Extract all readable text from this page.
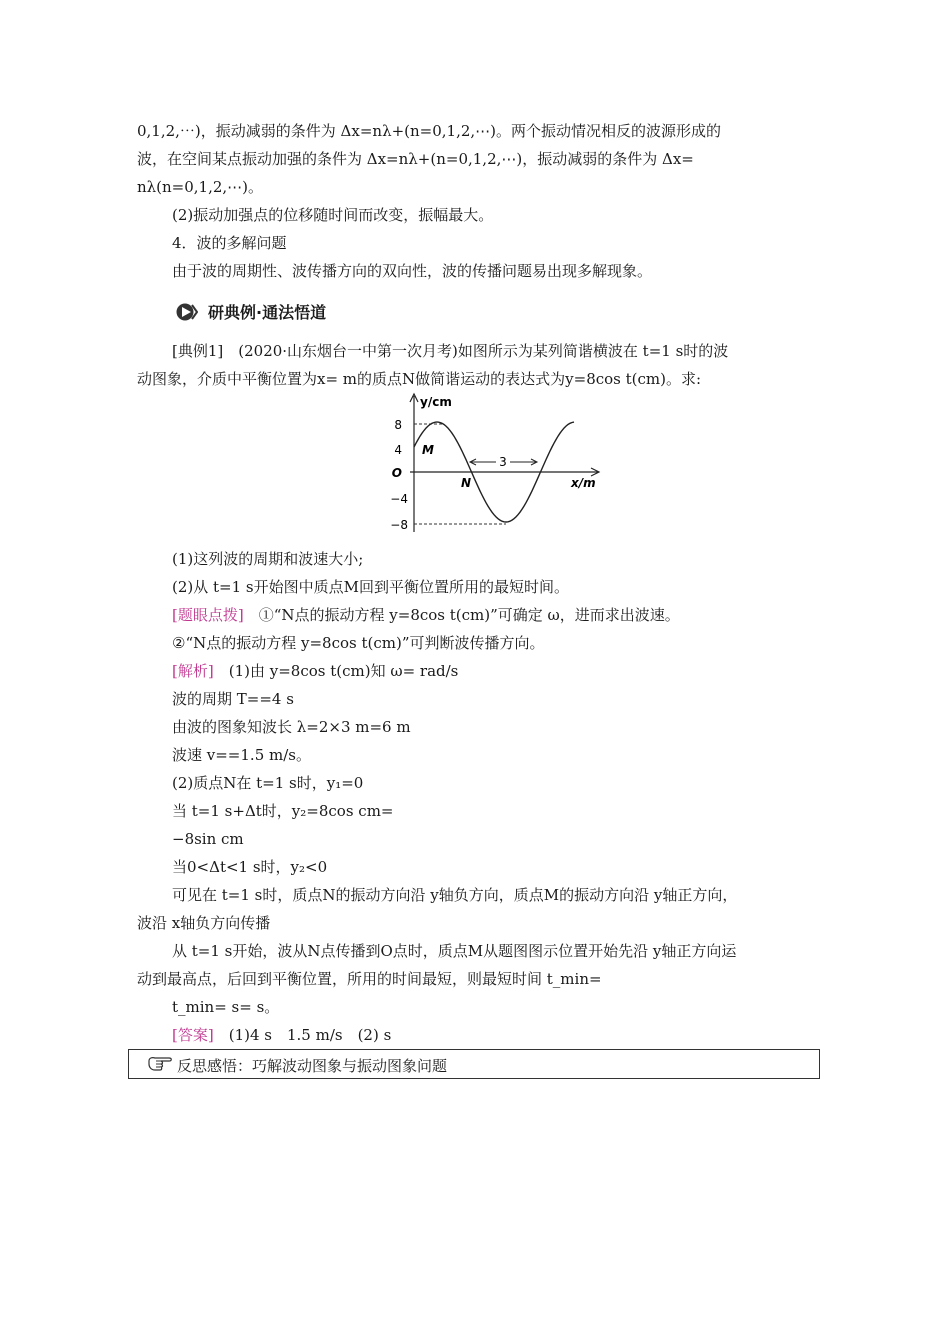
0,1,2,⋯)，振动减弱的条件为 Δx=nλ+(n=0,1,2,⋯)。两个振动情况相反的波源形成的
波，在空间某点振动加强的条件为 Δx=nλ+(n=0,1,2,⋯)，振动减弱的条件为 Δx=
nλ(n=0,1,2,⋯)。
(2)振动加强点的位移随时间而改变，振幅最大。
4．波的多解问题
由于波的周期性、波传播方向的双向性，波的传播问题易出现多解现象。
研典例·通法悟道
[典例1]　(2020·山东烟台一中第一次月考)如图所示为某列简谐横波在 t=1 s时的波
动图象，介质中平衡位置为x= m的质点N做简谐运动的表达式为y=8cos t(cm)。求:
8
4
O
−4
−8
y/cm
x/m
M
N
3
(1)这列波的周期和波速大小;
(2)从 t=1 s开始图中质点M回到平衡位置所用的最短时间。
[题眼点拨]　①“N点的振动方程 y=8cos t(cm)”可确定 ω，进而求出波速。
②“N点的振动方程 y=8cos t(cm)”可判断波传播方向。
[解析]　(1)由 y=8cos t(cm)知 ω= rad/s
波的周期 T==4 s
由波的图象知波长 λ=2×3 m=6 m
波速 v==1.5 m/s。
(2)质点N在 t=1 s时，y₁=0
当 t=1 s+Δt时，y₂=8cos cm=
−8sin cm
当0<Δt<1 s时，y₂<0
可见在 t=1 s时，质点N的振动方向沿 y轴负方向，质点M的振动方向沿 y轴正方向，
波沿 x轴负方向传播
从 t=1 s开始，波从N点传播到O点时，质点M从题图图示位置开始先沿 y轴正方向运
动到最高点，后回到平衡位置，所用的时间最短，则最短时间 t_min=
t_min= s= s。
[答案]　(1)4 s　1.5 m/s　(2) s
反思感悟：巧解波动图象与振动图象问题
